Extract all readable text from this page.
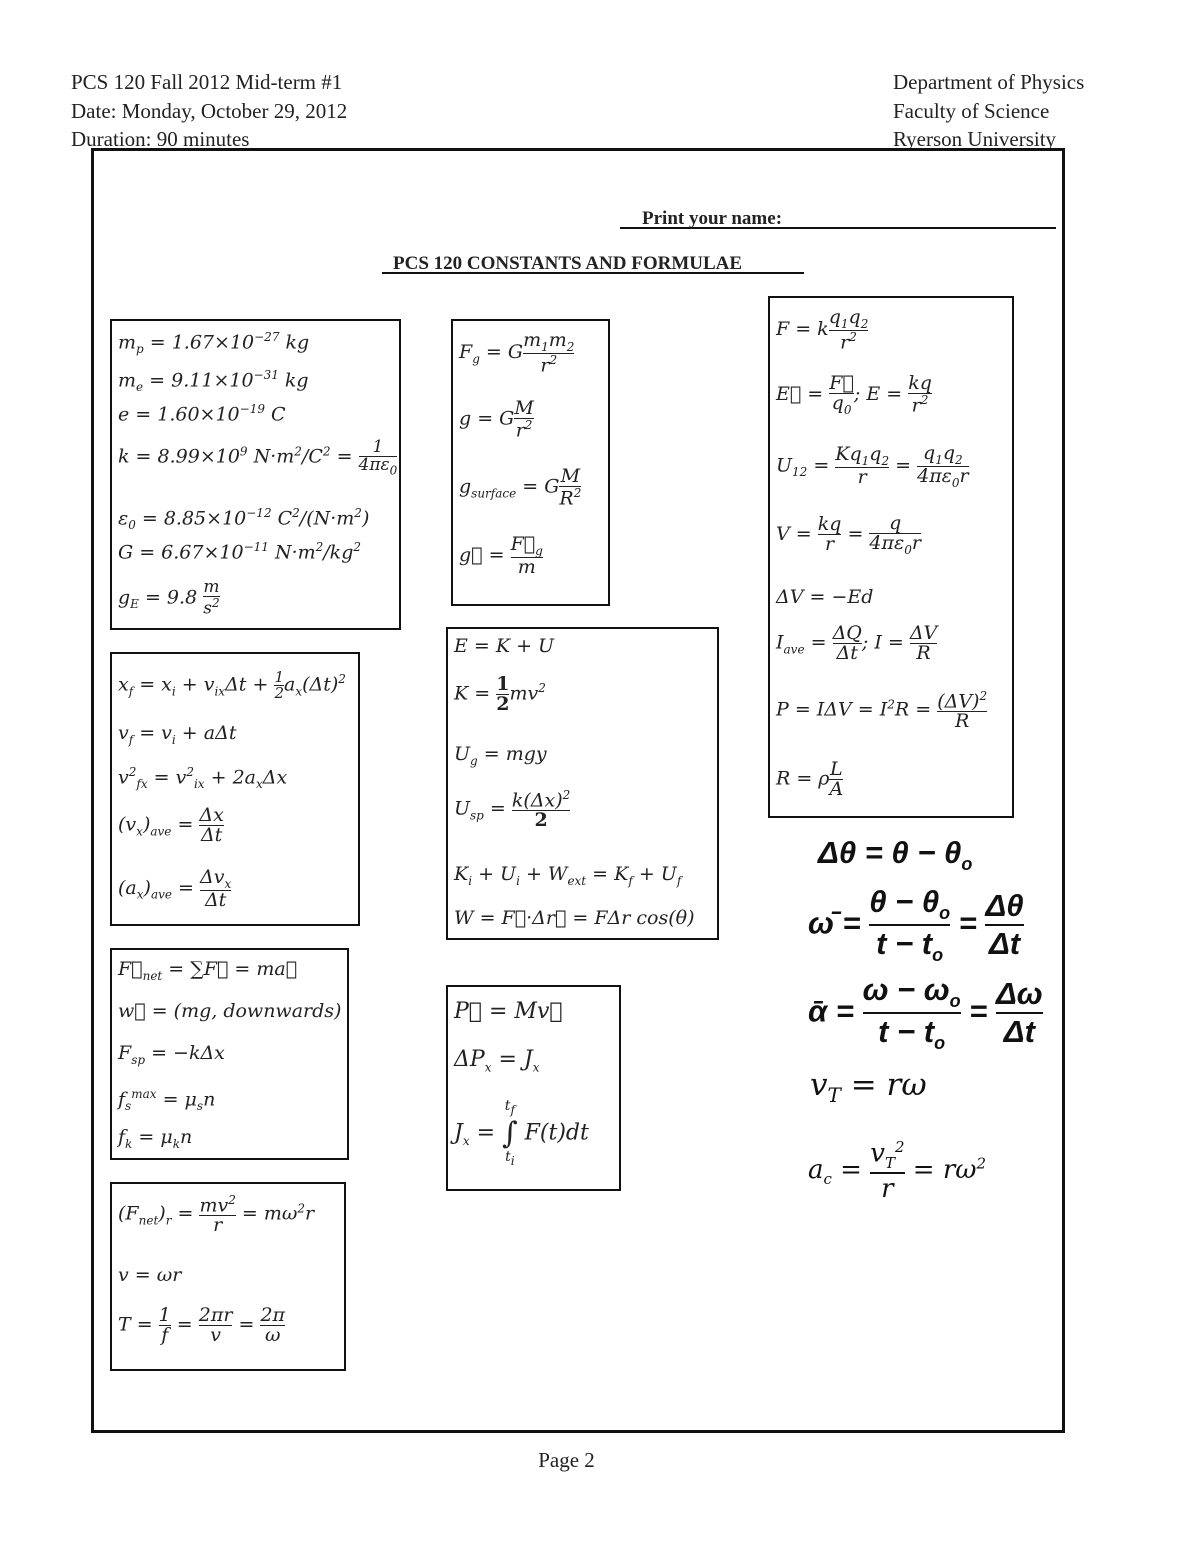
PCS 120 Fall 2012 Mid-term #1
Date: Monday, October 29, 2012
Duration: 90 minutes
Department of Physics
Faculty of Science
Ryerson University
Print your name:
PCS 120 CONSTANTS AND FORMULAE
$m_p = 1.67\times 10^{-27}$ kg
$m_e = 9.11\times 10^{-31}$ kg
$e = 1.60\times 10^{-19}$ C
$k = 8.99\times 10^9$ $N\cdot m^2/C^2 = \frac{1}{4\pi\varepsilon_0}$
$\varepsilon_0 = 8.85\times 10^{-12}$ $C^2/(N\cdot m^2)$
$G = 6.67\times 10^{-11}$ $N\cdot m^2/kg^2$
$g_E = 9.8 \frac{m}{s^2}$
$x_f = x_i + v_{ix}\Delta t + \frac{1}{2} a_x(\Delta t)^2$
$v_f = v_i + a\Delta t$
$v^2_{fx} = v^2_{ix} + 2a_x\Delta x$
$(v_x)_{ave} = \frac{\Delta x}{\Delta t}$
$(a_x)_{ave} = \Delta v_x$
Δt
$F⃗_{net}$ = ∑F⃗ = ma⃗
w⃗ = (mg, downwards)
$F_{sp} = -k\Delta x$
$f_s^{max} = \mu_sn$
$f_k = \mu_kn$
$(F_{net})_r = \frac{mv^2}{r} = m\omega^2r$
v = ωr
$T = \frac{1}{f} = \frac{2\pi r}{v} = \frac{2\pi}{\omega}$
$F_g = G \frac{m_1m_2}{r^2}$
g = G $\frac{M}{r^2}$
$g_{surface} = G \frac{M}{R^2}$
g⃗ = $\frac{F⃗_g}{m}$
E = K + U
$K = \frac{1}{2} mv^2$
$U_g$ = mgy
$U_{sp} = \frac{k(\Delta x)^2}{2}$
$K_i + U_i + W_{ext} = K_f + U_f$
W = F⃗·Δr⃗ = FΔr cos(θ)
P⃗ = Mv⃗
$\Delta P_x = J_x$
$J_x$ =
$t_f$
∫
$t_i$
F(t)dt
F = k $\frac{q_1q_2}{r^2}$
E⃗ = $\frac{F⃗}{q_0}$ ; $E = \frac{kq}{r^2}$
$U_{12} = \frac{Kq_1q_2}{r} = \frac{q_1q_2}{4\pi\varepsilon_0r}$
$V = \frac{kq}{r} = \frac{q}{4\pi\varepsilon_0r}$
ΔV = −Ed
$I_{ave} = \frac{\Delta Q}{\Delta t}$ ; $I = \frac{\Delta V}{R}$
$P = I\Delta V = I^2R = \frac{(\Delta V)^2}{R}$
R = ρ $\frac{L}{A}$
$\Delta\theta = \theta - \theta_o$
ω̄ = $\frac{\theta - \theta_o}{t - t_o} = \frac{\Delta\theta}{\Delta t}$
ᾱ = $\frac{\omega - \omega_o}{t - t_o} = \frac{\Delta\omega}{\Delta t}$
$v_T = r\omega$
$a_c = \frac{v_T^2}{r} = r\omega^2$
Page 2
